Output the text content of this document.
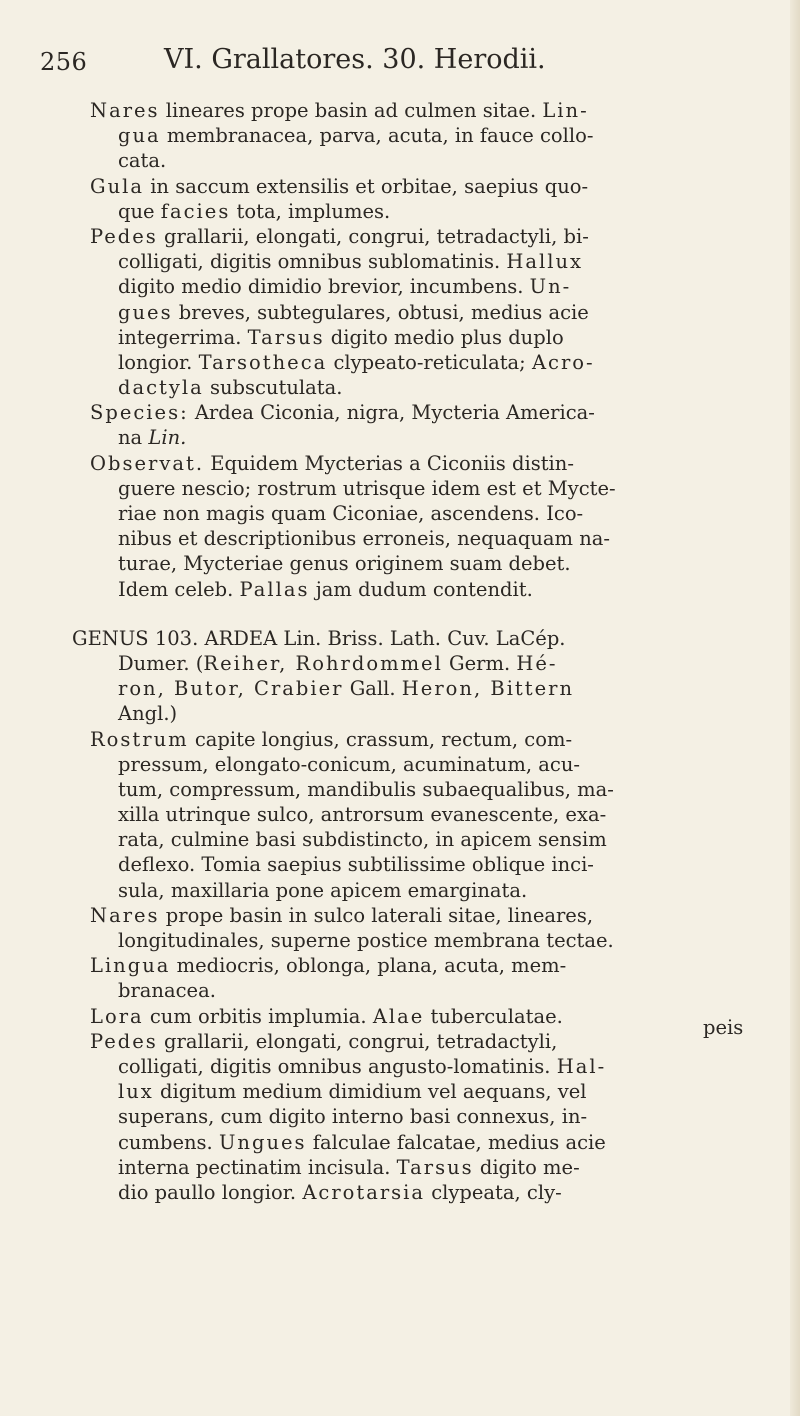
256	VI. Grallatores. 30. Herodii.
Nares lineares prope basin ad culmen sitae. Lin-
gua membranacea, parva, acuta, in fauce collo-
cata.
Gula in saccum extensilis et orbitae, saepius quo-
que facies tota, implumes.
Pedes grallarii, elongati, congrui, tetradactyli, bi-
colligati, digitis omnibus sublomatinis. Hallux
digito medio dimidio brevior, incumbens. Un-
gues breves, subtegulares, obtusi, medius acie
integerrima. Tarsus digito medio plus duplo
longior. Tarsotheca clypeato-reticulata; Acro-
dactyla subscutulata.
Species: Ardea Ciconia, nigra, Mycteria America-
na Lin.
Observat. Equidem Mycterias a Ciconiis distin-
guere nescio; rostrum utrisque idem est et Mycte-
riae non magis quam Ciconiae, ascendens. Ico-
nibus et descriptionibus erroneis, nequaquam na-
turae, Mycteriae genus originem suam debet.
Idem celeb. Pallas jam dudum contendit.
GENUS 103. ARDEA Lin. Briss. Lath. Cuv. LaCép.
Dumer. (Reiher, Rohrdommel Germ. Hé-
ron, Butor, Crabier Gall. Heron, Bittern
Angl.)
Rostrum capite longius, crassum, rectum, com-
pressum, elongato-conicum, acuminatum, acu-
tum, compressum, mandibulis subaequalibus, ma-
xilla utrinque sulco, antrorsum evanescente, exa-
rata, culmine basi subdistincto, in apicem sensim
deflexo. Tomia saepius subtilissime oblique inci-
sula, maxillaria pone apicem emarginata.
Nares prope basin in sulco laterali sitae, lineares,
longitudinales, superne postice membrana tectae.
Lingua mediocris, oblonga, plana, acuta, mem-
branacea.
Lora cum orbitis implumia. Alae tuberculatae.
Pedes grallarii, elongati, congrui, tetradactyli,
colligati, digitis omnibus angusto-lomatinis. Hal-
lux digitum medium dimidium vel aequans, vel
superans, cum digito interno basi connexus, in-
cumbens. Ungues falculae falcatae, medius acie
interna pectinatim incisula. Tarsus digito me-
dio paullo longior. Acrotarsia clypeata, cly-
peis
